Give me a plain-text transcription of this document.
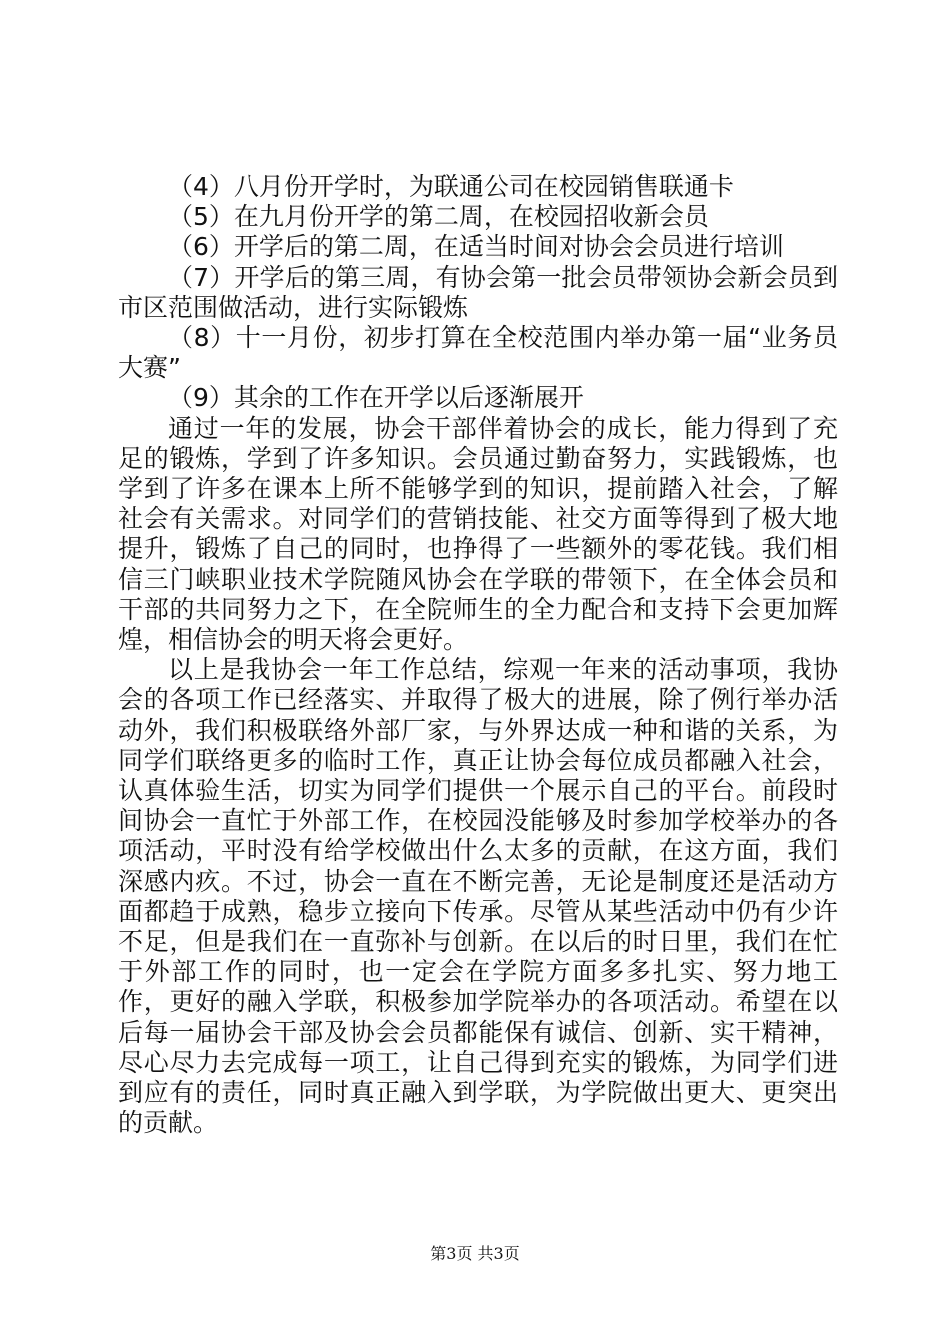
（4）八月份开学时，为联通公司在校园销售联通卡

（5）在九月份开学的第二周，在校园招收新会员

（6）开学后的第二周，在适当时间对协会会员进行培训

（7）开学后的第三周，有协会第一批会员带领协会新会员到市区范围做活动，进行实际锻炼

（8）十一月份，初步打算在全校范围内举办第一届“业务员大赛”

（9）其余的工作在开学以后逐渐展开

通过一年的发展，协会干部伴着协会的成长，能力得到了充足的锻炼，学到了许多知识。会员通过勤奋努力，实践锻炼，也学到了许多在课本上所不能够学到的知识，提前踏入社会，了解社会有关需求。对同学们的营销技能、社交方面等得到了极大地提升，锻炼了自己的同时，也挣得了一些额外的零花钱。我们相信三门峡职业技术学院随风协会在学联的带领下，在全体会员和干部的共同努力之下，在全院师生的全力配合和支持下会更加辉煌，相信协会的明天将会更好。

以上是我协会一年工作总结，综观一年来的活动事项，我协会的各项工作已经落实、并取得了极大的进展，除了例行举办活动外，我们积极联络外部厂家，与外界达成一种和谐的关系，为同学们联络更多的临时工作，真正让协会每位成员都融入社会，认真体验生活，切实为同学们提供一个展示自己的平台。前段时间协会一直忙于外部工作，在校园没能够及时参加学校举办的各项活动，平时没有给学校做出什么太多的贡献，在这方面，我们深感内疚。不过，协会一直在不断完善，无论是制度还是活动方面都趋于成熟，稳步立接向下传承。尽管从某些活动中仍有少许不足，但是我们在一直弥补与创新。在以后的时日里，我们在忙于外部工作的同时，也一定会在学院方面多多扎实、努力地工作，更好的融入学联，积极参加学院举办的各项活动。希望在以后每一届协会干部及协会会员都能保有诚信、创新、实干精神，尽心尽力去完成每一项工，让自己得到充实的锻炼，为同学们进到应有的责任，同时真正融入到学联，为学院做出更大、更突出的贡献。

第3页 共3页
